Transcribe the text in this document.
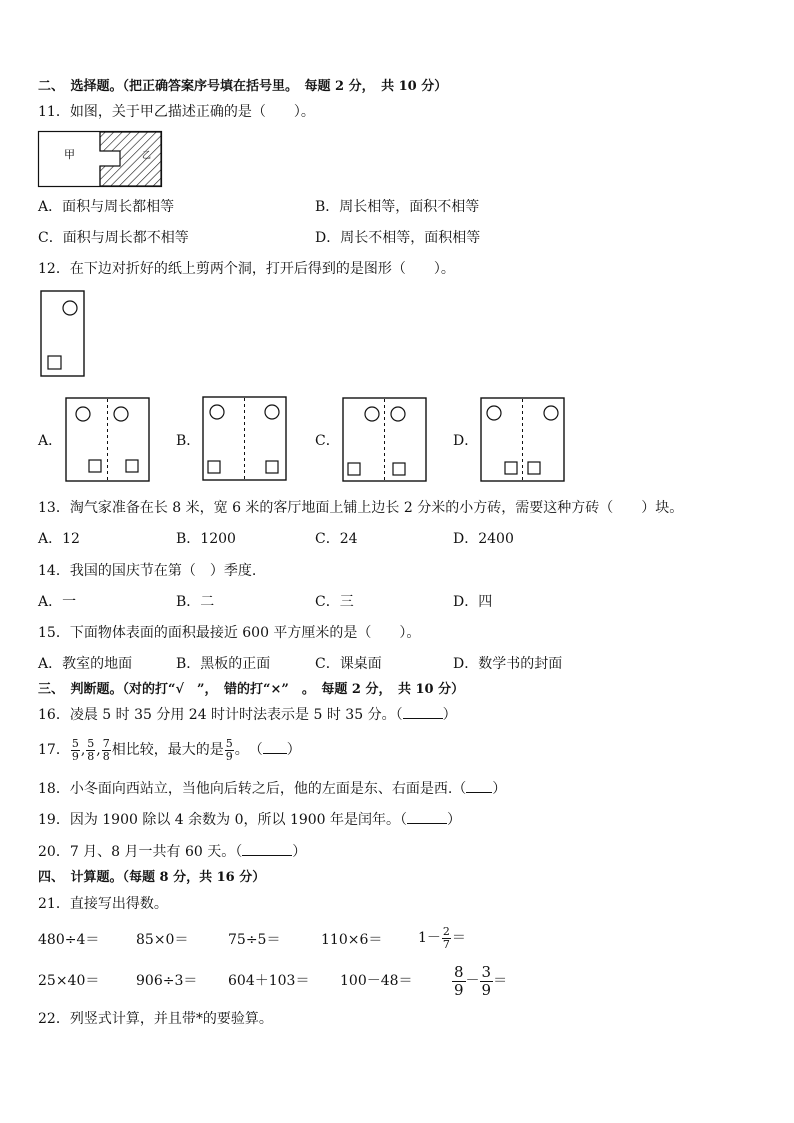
二、　选择题。（把正确答案序号填在括号里。　每题 2 分，　共 10 分）
11．如图，关于甲乙描述正确的是（　　）。
甲	乙
A．面积与周长都相等	B．周长相等，面积不相等
C．面积与周长都不相等	D．周长不相等，面积相等
12．在下边对折好的纸上剪两个洞，打开后得到的是图形（　　）。
A．	B．	C．	D．
13．淘气家准备在长 8 米，宽 6 米的客厅地面上铺上边长 2 分米的小方砖，需要这种方砖（　　）块。
A．12	B．1200	C．24	D．2400
14．我国的国庆节在第（　）季度.
A．一	B．二	C．三	D．四
15．下面物体表面的面积最接近 600 平方厘米的是（　　）。
A．教室的地面	B．黑板的正面	C．课桌面	D．数学书的封面
三、　判断题。（对的打“√　”，　错的打“×”　。　每题 2 分，　共 10 分）
16．凌晨 5 时 35 分用 24 时计时法表示是 5 时 35 分。（	）
17． $\frac{5}{9}$ , $\frac{5}{8}$ , $\frac{7}{8}$ 相比较，最大的是 $\frac{5}{9}$ 。　（ ）
18．小冬面向西站立，当他向后转之后，他的左面是东、右面是西.（ ）
19．因为 1900 除以 4 余数为 0，所以 1900 年是闰年。（	）
20．7 月、8 月一共有 60 天。（	）
四、　计算题。（每题 8 分，共 16 分）
21．直接写出得数。
480÷4＝	85×0＝	75÷5＝	110×6＝	$1- \frac{2}{7}$ ＝
25×40＝	906÷3＝ 604＋103＝ 100－48＝	$\frac{8}{9} - \frac{3}{9}$ ＝
22．列竖式计算，并且带*的要验算。
